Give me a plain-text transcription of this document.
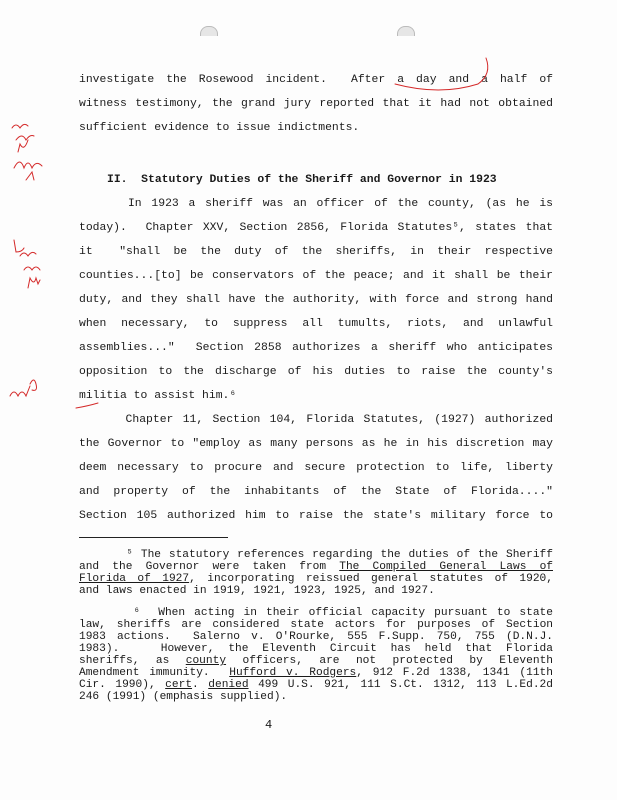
investigate the Rosewood incident.  After a day and a half of
witness testimony, the grand jury reported that it had not obtained
sufficient evidence to issue indictments.
In 1923 a sheriff was an officer of the county, (as he is
today).  Chapter XXV, Section 2856, Florida Statutes⁵, states that
it  "shall be the duty of the sheriffs, in their respective
counties...[to] be conservators of the peace; and it shall be their
duty, and they shall have the authority, with force and strong hand
when necessary, to suppress all tumults, riots, and unlawful
assemblies..."  Section 2858 authorizes a sheriff who anticipates
opposition to the discharge of his duties to raise the county's
militia to assist him.⁶
Chapter 11, Section 104, Florida Statutes, (1927) authorized
the Governor to "employ as many persons as he in his discretion may
deem necessary to procure and secure protection to life, liberty
and property of the inhabitants of the State of Florida...."
Section 105 authorized him to raise the state's military force to
II.  Statutory Duties of the Sheriff and Governor in 1923
⁵ The statutory references regarding the duties of the Sheriff
and the Governor were taken from The Compiled General Laws of
Florida of 1927, incorporating reissued general statutes of 1920,
and laws enacted in 1919, 1921, 1923, 1925, and 1927.
⁶  When acting in their official capacity pursuant to state
law, sheriffs are considered state actors for purposes of Section
1983 actions.  Salerno v. O'Rourke, 555 F.Supp. 750, 755 (D.N.J.
1983).   However, the Eleventh Circuit has held that Florida
sheriffs, as county officers, are not protected by Eleventh
Amendment immunity.  Hufford v. Rodgers, 912 F.2d 1338, 1341 (11th
Cir. 1990), cert. denied 499 U.S. 921, 111 S.Ct. 1312, 113 L.Ed.2d
246 (1991) (emphasis supplied).
4
